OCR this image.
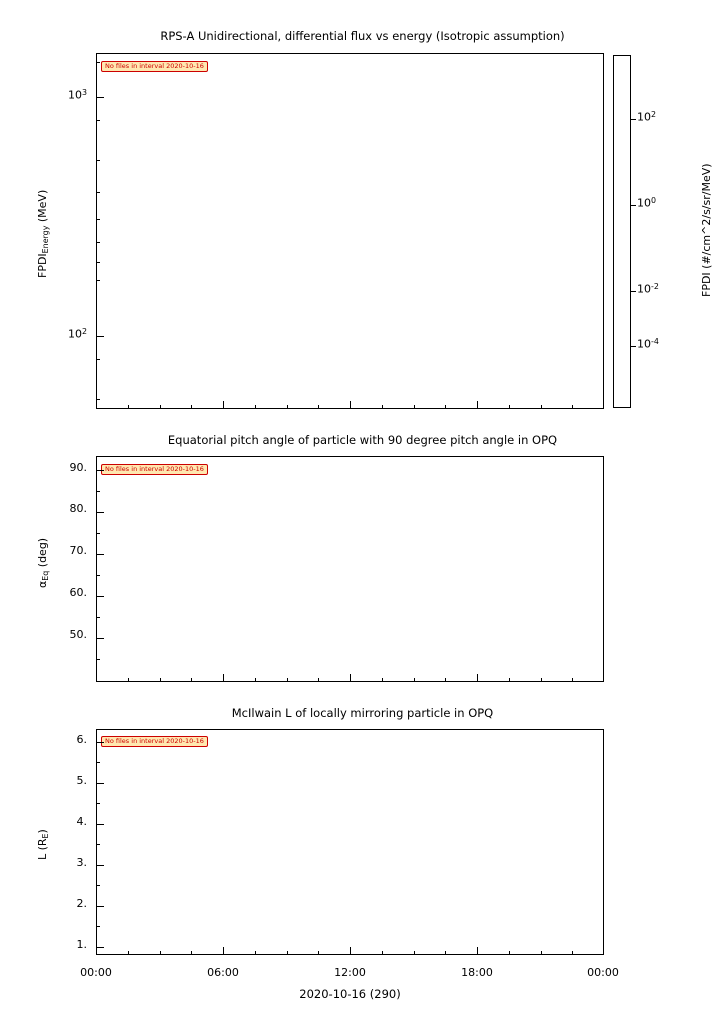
RPS-A Unidirectional, differential flux vs energy (Isotropic assumption)
No files in interval 2020-10-16
$FPDI_{Energy}$ (MeV)
$10^3$
$10^2$
$10^2$
$10^0$
$10^{-2}$
$10^{-4}$
FPDI (#/cm^2/s/sr/MeV)
Equatorial pitch angle of particle with 90 degree pitch angle in OPQ
No files in interval 2020-10-16
$\alpha_{Eq}$ (deg)
90.
80.
70.
60.
50.
McIlwain L of locally mirroring particle in OPQ
No files in interval 2020-10-16
L $(R_E)$
6.
5.
4.
3.
2.
1.
00:00	06:00	12:00	18:00	00:00
2020-10-16 (290)
